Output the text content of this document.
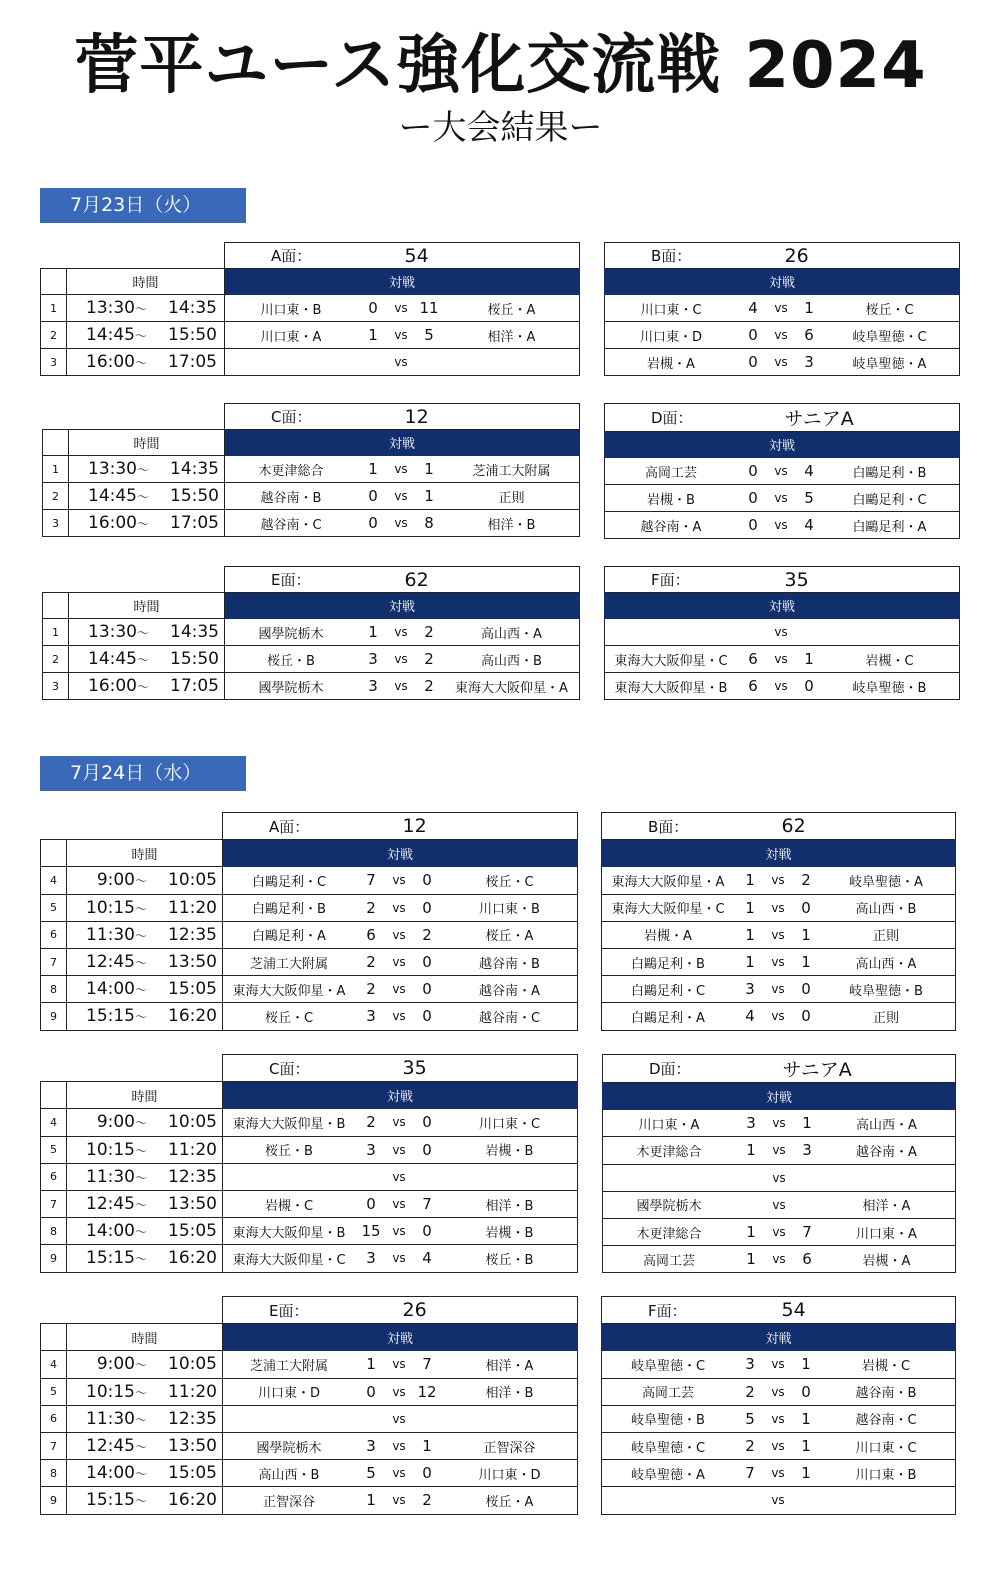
菅平ユース強化交流戦 2024
ー大会結果ー
7月23日（火）
		A面：	54
	時間	対戦	
1	13:30～ 14:35	川口東・B 0 vs 11 桜丘・A	

2	14:45～ 15:50	川口東・A 1 vs 5 相洋・A	

3	16:00～ 17:05	vs	
B面：	26
対戦

川口東・C	4	vs	1	桜丘・C

川口東・D	0	vs	6	岐阜聖徳・C

岩槻・A	0	vs	3	岐阜聖徳・A
		C面：	12
	時間	対戦	
1	13:30～ 14:35	木更津総合 1 vs 1 芝浦工大附属	

2	14:45～ 15:50	越谷南・B 0 vs 1 正則	

3	16:00～ 17:05	越谷南・C 0 vs 8 相洋・B	
D面：	サニアA
対戦

高岡工芸	0	vs	4	白鷗足利・B

岩槻・B	0	vs	5	白鷗足利・C

越谷南・A	0	vs	4	白鷗足利・A
		E面：	62
	時間	対戦	
1	13:30～ 14:35	國學院栃木 1 vs 2 高山西・A	

2	14:45～ 15:50	桜丘・B 3 vs 2 高山西・B	

3	16:00～ 17:05	國學院栃木 3 vs 2 東海大大阪仰星・A	
F面：	35
対戦

vs

東海大大阪仰星・C	6	vs	1	岩槻・C

東海大大阪仰星・B	6	vs	0	岐阜聖徳・B
7月24日（水）
		A面：	12
	時間	対戦	
4	9:00～ 10:05	白鷗足利・C 7 vs 0 桜丘・C	

5	10:15～ 11:20	白鷗足利・B 2 vs 0 川口東・B	

6	11:30～ 12:35	白鷗足利・A 6 vs 2 桜丘・A	

7	12:45～ 13:50	芝浦工大附属 2 vs 0 越谷南・B	

8	14:00～ 15:05	東海大大阪仰星・A 2 vs 0 越谷南・A	

9	15:15～ 16:20	桜丘・C 3 vs 0 越谷南・C	
B面：	62
対戦

東海大大阪仰星・A	1	vs	2	岐阜聖徳・A

東海大大阪仰星・C	1	vs	0	高山西・B

岩槻・A	1	vs	1	正則

白鷗足利・B	1	vs	1	高山西・A

白鷗足利・C	3	vs	0	岐阜聖徳・B

白鷗足利・A	4	vs	0	正則
		C面：	35
	時間	対戦	
4	9:00～ 10:05	東海大大阪仰星・B 2 vs 0 川口東・C	

5	10:15～ 11:20	桜丘・B 3 vs 0 岩槻・B	

6	11:30～ 12:35	vs	

7	12:45～ 13:50	岩槻・C 0 vs 7 相洋・B	

8	14:00～ 15:05	東海大大阪仰星・B 15 vs 0 岩槻・B	

9	15:15～ 16:20	東海大大阪仰星・C 3 vs 4 桜丘・B	
D面：	サニアA
対戦

川口東・A	3	vs	1	高山西・A

木更津総合	1	vs	3	越谷南・A

vs

國學院栃木	vs	相洋・A

木更津総合	1	vs	7	川口東・A

高岡工芸	1	vs	6	岩槻・A
		E面：	26
	時間	対戦	
4	9:00～ 10:05	芝浦工大附属 1 vs 7 相洋・A	

5	10:15～ 11:20	川口東・D 0 vs 12 相洋・B	

6	11:30～ 12:35	vs	

7	12:45～ 13:50	國學院栃木 3 vs 1 正智深谷	

8	14:00～ 15:05	高山西・B 5 vs 0 川口東・D	

9	15:15～ 16:20	正智深谷 1 vs 2 桜丘・A	
F面：	54
対戦

岐阜聖徳・C	3	vs	1	岩槻・C

高岡工芸	2	vs	0	越谷南・B

岐阜聖徳・B	5	vs	1	越谷南・C

岐阜聖徳・C	2	vs	1	川口東・C

岐阜聖徳・A	7	vs	1	川口東・B

vs
